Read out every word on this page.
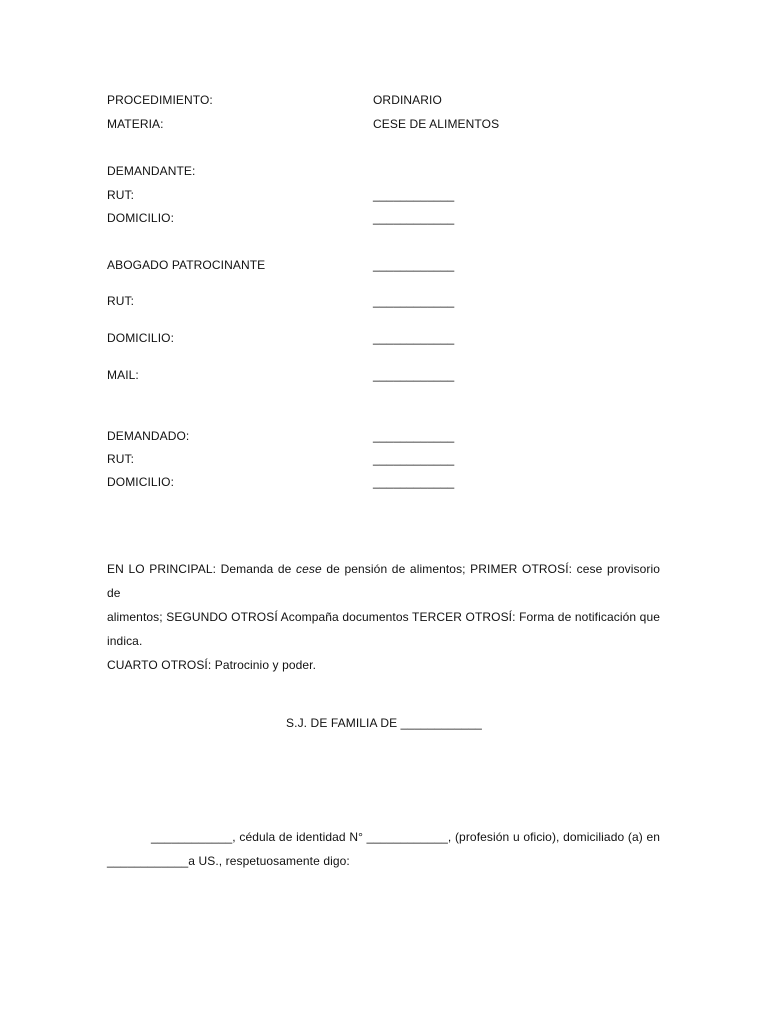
PROCEDIMIENTO:	ORDINARIO
MATERIA:	CESE DE ALIMENTOS
DEMANDANTE:
RUT:	____________
DOMICILIO:	____________
ABOGADO PATROCINANTE	____________
RUT:	____________
DOMICILIO:	____________
MAIL:	____________
DEMANDADO:	____________
RUT:	____________
DOMICILIO:	____________
EN LO PRINCIPAL: Demanda de cese de pensión de alimentos; PRIMER OTROSÍ: cese provisorio de
alimentos; SEGUNDO OTROSÍ Acompaña documentos TERCER OTROSÍ: Forma de notificación que indica.
CUARTO OTROSÍ: Patrocinio y poder.
S.J. DE FAMILIA DE ____________
____________, cédula de identidad N° ____________, (profesión u oficio), domiciliado (a) en
____________a US., respetuosamente digo:
